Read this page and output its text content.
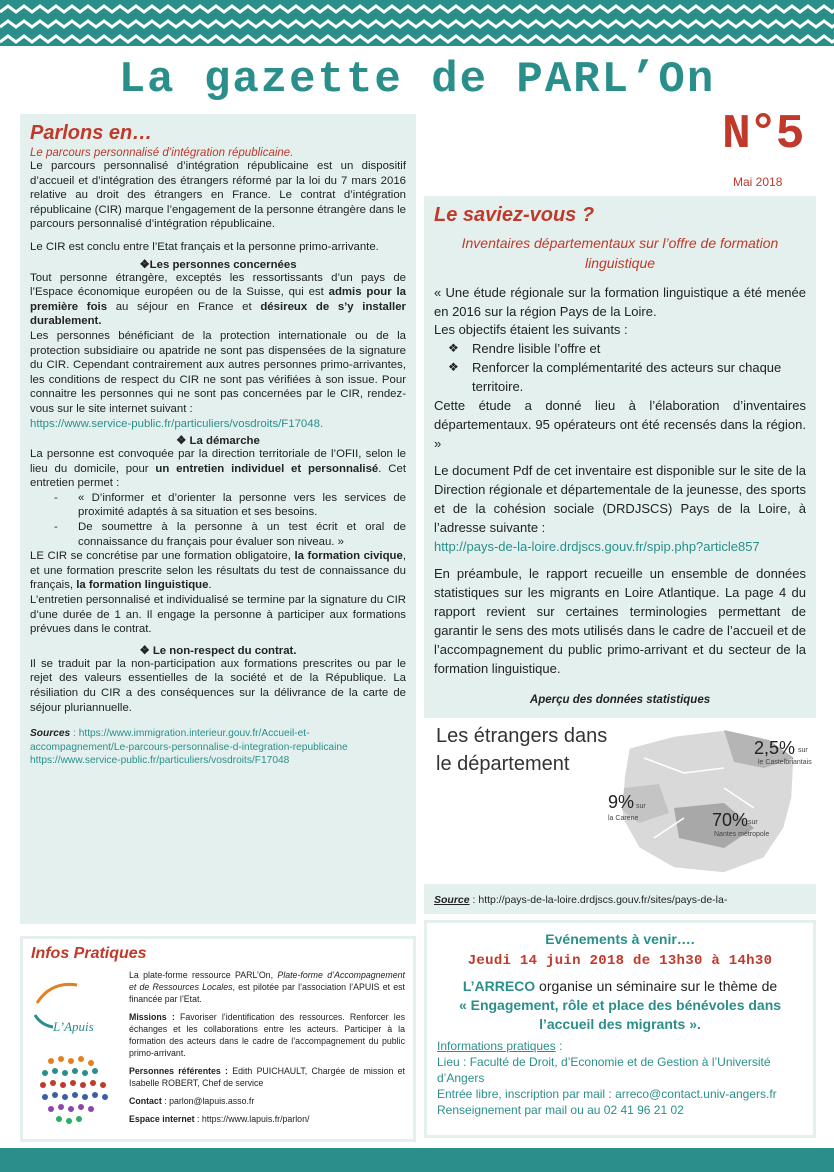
La gazette de PARL’On
N°5
Mai 2018
Parlons en…
Le parcours personnalisé d’intégration républicaine.
Le parcours personnalisé d’intégration républicaine est un dispositif d’accueil et d’intégration des étrangers réformé par la loi du 7 mars 2016 relative au droit des étrangers en France. Le contrat d’intégration républicaine (CIR) marque l’engagement de la personne étrangère dans le parcours personnalisé d’intégration républicaine.
Le CIR est conclu entre l’Etat français et la personne primo-arrivante.
❖Les personnes concernées
Tout personne étrangère, exceptés les ressortissants d’un pays de l’Espace économique européen ou de la Suisse, qui est admis pour la première fois au séjour en France et désireux de s’y installer durablement.
Les personnes bénéficiant de la protection internationale ou de la protection subsidiaire ou apatride ne sont pas dispensées de la signature du CIR. Cependant contrairement aux autres personnes primo-arrivantes, les conditions de respect du CIR ne sont pas vérifiées à son issue. Pour connaitre les personnes qui ne sont pas concernées par le CIR, rendez-vous sur le site internet suivant :
https://www.service-public.fr/particuliers/vosdroits/F17048.
❖ La démarche
La personne est convoquée par la direction territoriale de l’OFII, selon le lieu du domicile, pour un entretien individuel et personnalisé. Cet entretien permet :
- « D’informer et d’orienter la personne vers les services de proximité adaptés à sa situation et ses besoins.
- De soumettre à la personne à un test écrit et oral de connaissance du français pour évaluer son niveau. »
LE CIR se concrétise par une formation obligatoire, la formation civique, et une formation prescrite selon les résultats du test de connaissance du français, la formation linguistique.
L’entretien personnalisé et individualisé se termine par la signature du CIR d’une durée de 1 an. Il engage la personne à participer aux formations prévues dans le contrat.
❖ Le non-respect du contrat.
Il se traduit par la non-participation aux formations prescrites ou par le rejet des valeurs essentielles de la société et de la République. La résiliation du CIR a des conséquences sur la délivrance de la carte de séjour pluriannuelle.
Sources : https://www.immigration.interieur.gouv.fr/Accueil-et-accompagnement/Le-parcours-personnalise-d-integration-republicaine
https://www.service-public.fr/particuliers/vosdroits/F17048
Le saviez-vous ?
Inventaires départementaux sur l’offre de formation linguistique
« Une étude régionale sur la formation linguistique a été menée en 2016 sur la région Pays de la Loire.
Les objectifs étaient les suivants :
❖ Rendre lisible l’offre et
❖ Renforcer la complémentarité des acteurs sur chaque territoire.
Cette étude a donné lieu à l’élaboration d’inventaires départementaux. 95 opérateurs ont été recensés dans la région. »
Le document Pdf de cet inventaire est disponible sur le site de la Direction régionale et départementale de la jeunesse, des sports et de la cohésion sociale (DRDJSCS) Pays de la Loire, à l’adresse suivante :
http://pays-de-la-loire.drdjscs.gouv.fr/spip.php?article857
En préambule, le rapport recueille un ensemble de données statistiques sur les migrants en Loire Atlantique. La page 4 du rapport revient sur certaines terminologies permettant de garantir le sens des mots utilisés dans le cadre de l’accueil et de l’accompagnement du public primo-arrivant et du secteur de la formation linguistique.
Aperçu des données statistiques
Les étrangers dans
le département
2,5% sur
le Castelbriantais
9% sur
la Carene	70% sur
Nantes métropole
Source : http://pays-de-la-loire.drdjscs.gouv.fr/sites/pays-de-la-
Infos Pratiques
L’Apuis
La plate-forme ressource PARL’On, Plate-forme d’Accompagnement et de Ressources Locales, est pilotée par l’association l’APUIS et est financée par l’Etat.
Missions : Favoriser l’identification des ressources. Renforcer les échanges et les collaborations entre les acteurs. Participer à la formation des acteurs dans le cadre de l’accompagnement du public primo-arrivant.
Personnes référentes : Edith PUICHAULT, Chargée de mission et Isabelle ROBERT, Chef de service
Contact : parlon@lapuis.asso.fr
Espace internet : https://www.lapuis.fr/parlon/
Evénements à venir….
Jeudi 14 juin 2018 de 13h30 à 14h30
L’ARRECO organise un séminaire sur le thème de
« Engagement, rôle et place des bénévoles dans l’accueil des migrants ».
Informations pratiques :
Lieu : Faculté de Droit, d’Economie et de Gestion à l’Université d’Angers
Entrée libre, inscription par mail : arreco@contact.univ-angers.fr
Renseignement par mail ou au 02 41 96 21 02
